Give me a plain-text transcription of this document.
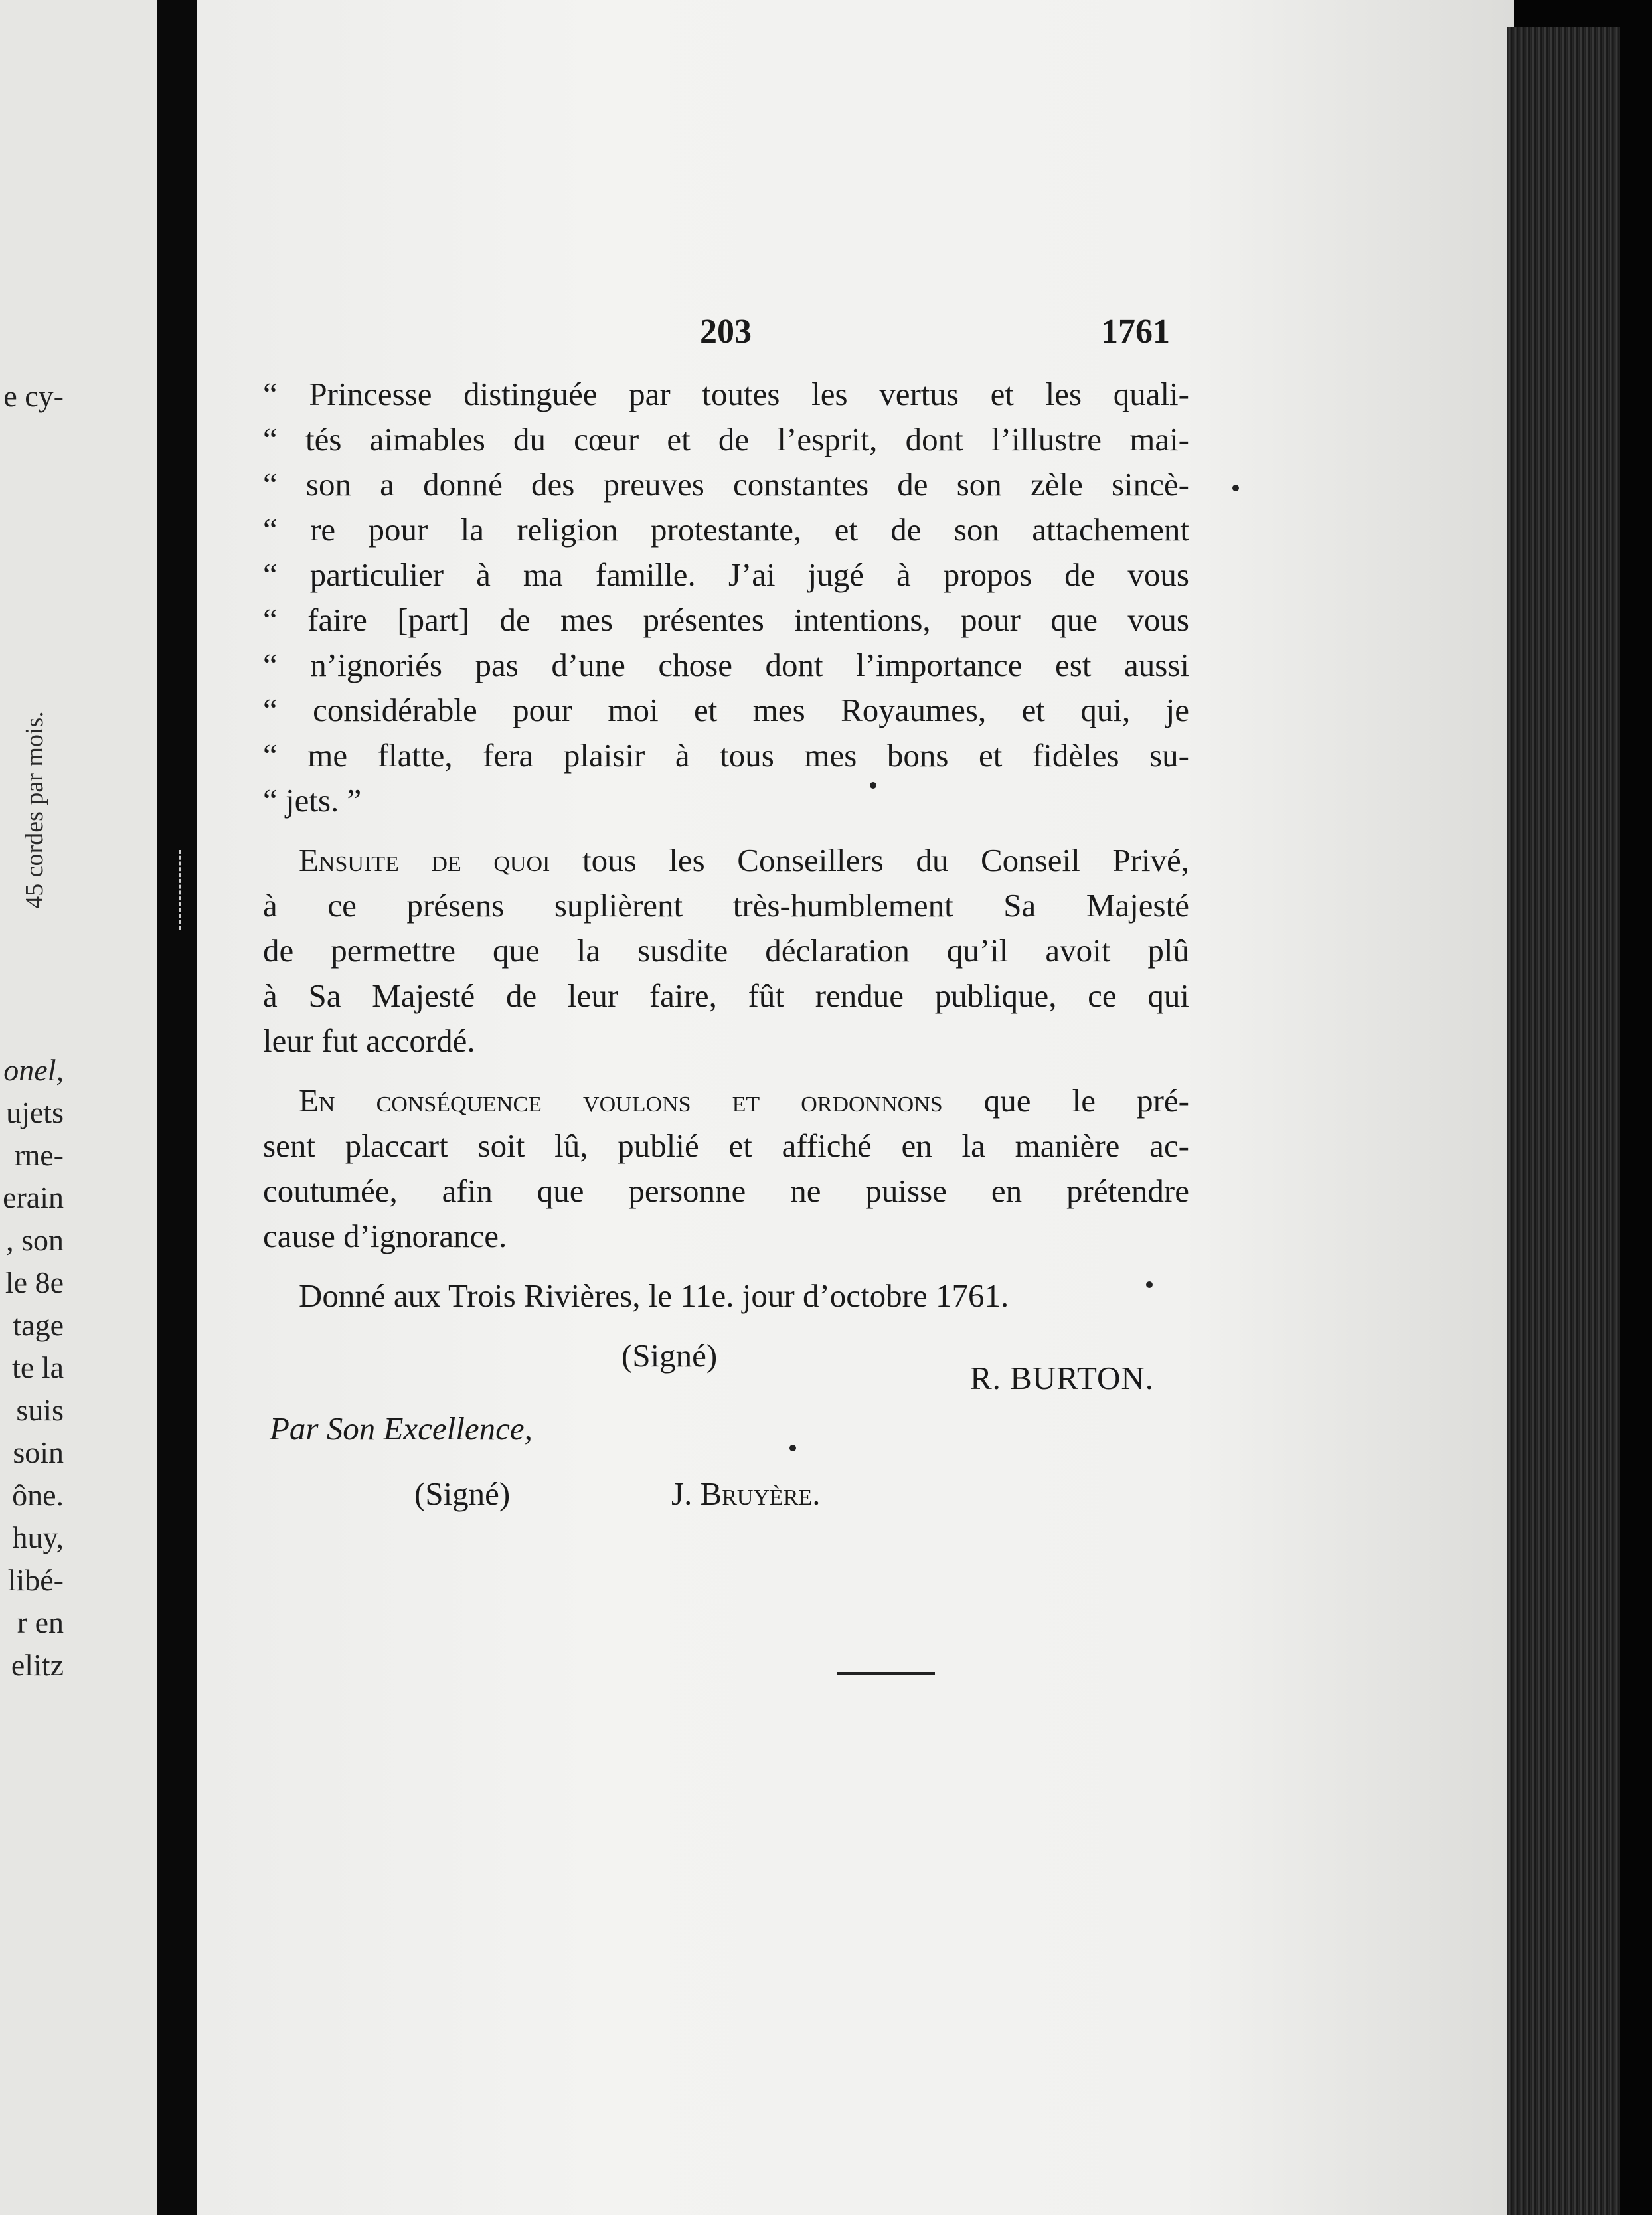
e cy-
45 cordes par mois.
onel,
ujets
rne-
erain
, son
le 8e
tage
te la
suis
soin
ône.
huy,
libé-
r en
elitz
203	1761
“ Princesse distinguée par toutes les vertus et les quali-
“ tés aimables du cœur et de l’esprit, dont l’illustre mai-
“ son a donné des preuves constantes de son zèle sincè-
“ re pour la religion protestante, et de son attachement
“ particulier à ma famille. J’ai jugé à propos de vous
“ faire [part] de mes présentes intentions, pour que vous
“ n’ignoriés pas d’une chose dont l’importance est aussi
“ considérable pour moi et mes Royaumes, et qui, je
“ me flatte, fera plaisir à tous mes bons et fidèles su-
“ jets. ”
Ensuite de quoi tous les Conseillers du Conseil Privé,
à ce présens suplièrent très-humblement Sa Majesté
de permettre que la susdite déclaration qu’il avoit plû
à Sa Majesté de leur faire, fût rendue publique, ce qui
leur fut accordé.
En conséquence voulons et ordonnons que le pré-
sent placcart soit lû, publié et affiché en la manière ac-
coutumée, afin que personne ne puisse en prétendre
cause d’ignorance.
Donné aux Trois Rivières, le 11e. jour d’octobre 1761.
(Signé)
R. BURTON.
Par Son Excellence,
(Signé)	J. Bruyère.
